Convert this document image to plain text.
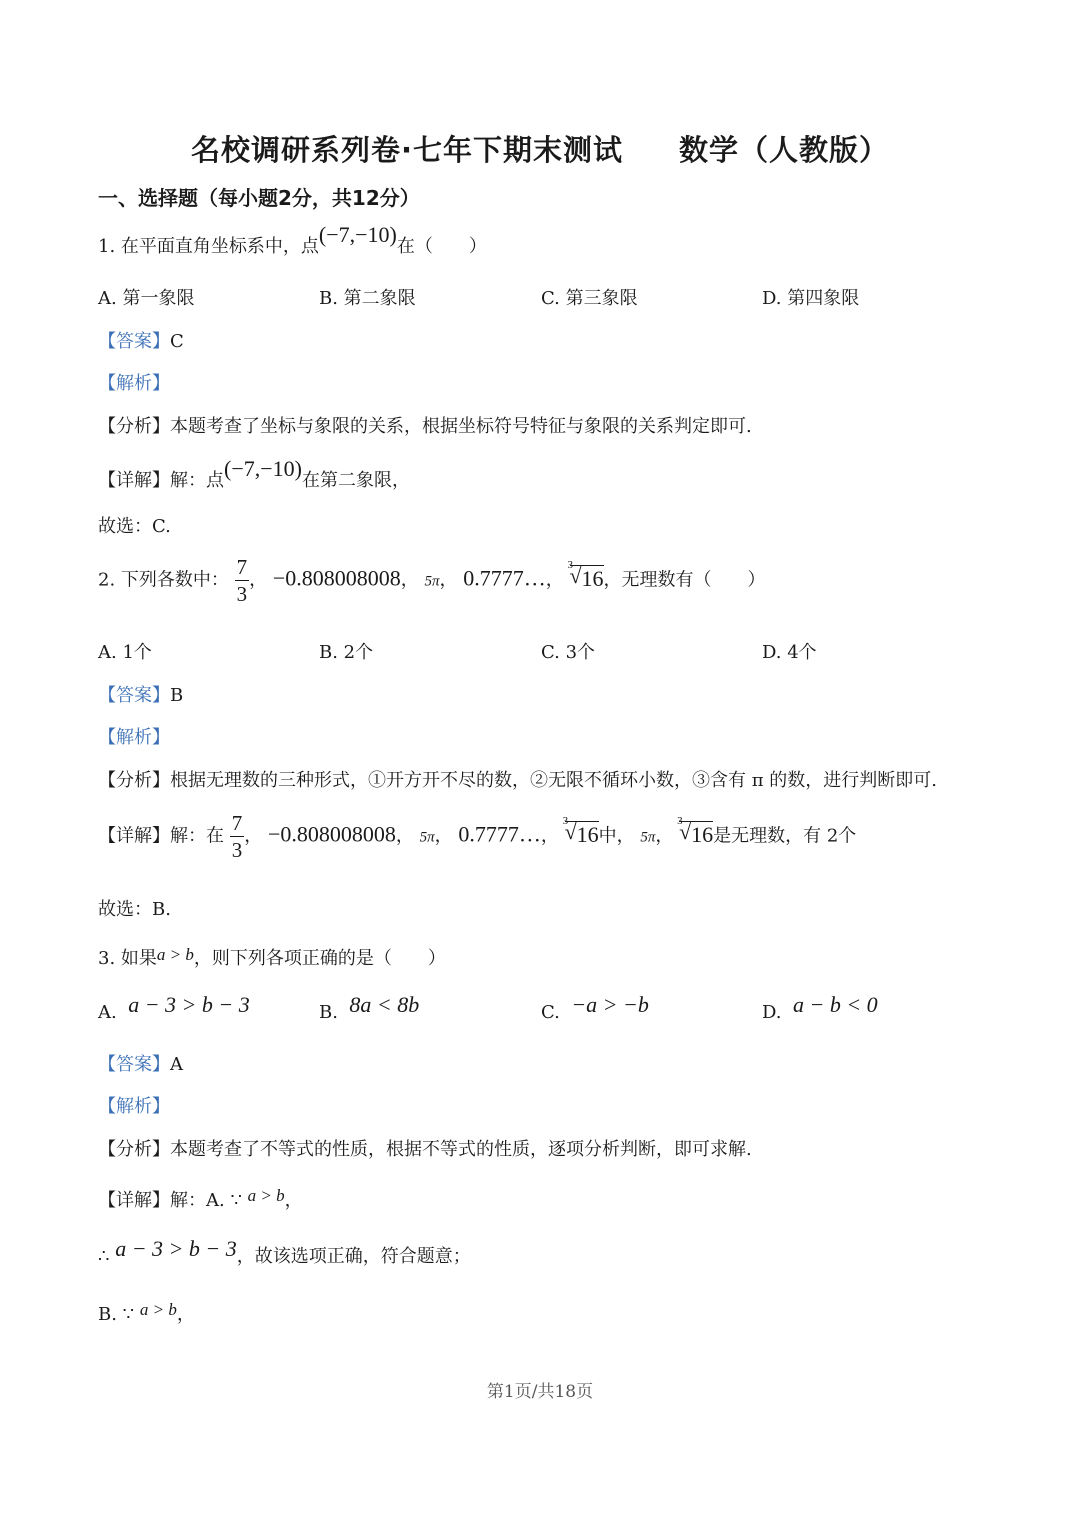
名校调研系列卷·七年下期末测试 数学（人教版）
一、选择题（每小题2分，共12分）
1. 在平面直角坐标系中，点(−7,−10)在（　　）
A. 第一象限	B. 第二象限	C. 第三象限	D. 第四象限
【答案】C
【解析】
【分析】本题考查了坐标与象限的关系，根据坐标符号特征与象限的关系判定即可.
【详解】解：点(−7,−10)在第二象限，
故选：C.
2. 下列各数中： $\frac{7}{3}$ ， −0.808008008， 5π， 0.7777…，
3
√ 16，无理数有（　　）
A. 1个	B. 2个	C. 3个	D. 4个
【答案】B
【解析】
【分析】根据无理数的三种形式，①开方开不尽的数，②无限不循环小数，③含有 π 的数，进行判断即可.
【详解】解：在 $\frac{7}{3}$ ， −0.808008008， 5π， 0.7777…，
3
√ 16中， 5π，
3
√ 16是无理数，有 2个
故选：B.
3. 如果a > b，则下列各项正确的是（　　）
A. a − 3 > b − 3	B. 8a < 8b	C. −a > −b	D. a − b < 0
【答案】A
【解析】
【分析】本题考查了不等式的性质，根据不等式的性质，逐项分析判断，即可求解.
【详解】解：A. ∵ a > b，
∴ a − 3 > b − 3，故该选项正确，符合题意；
B. ∵ a > b，
第1页/共18页
